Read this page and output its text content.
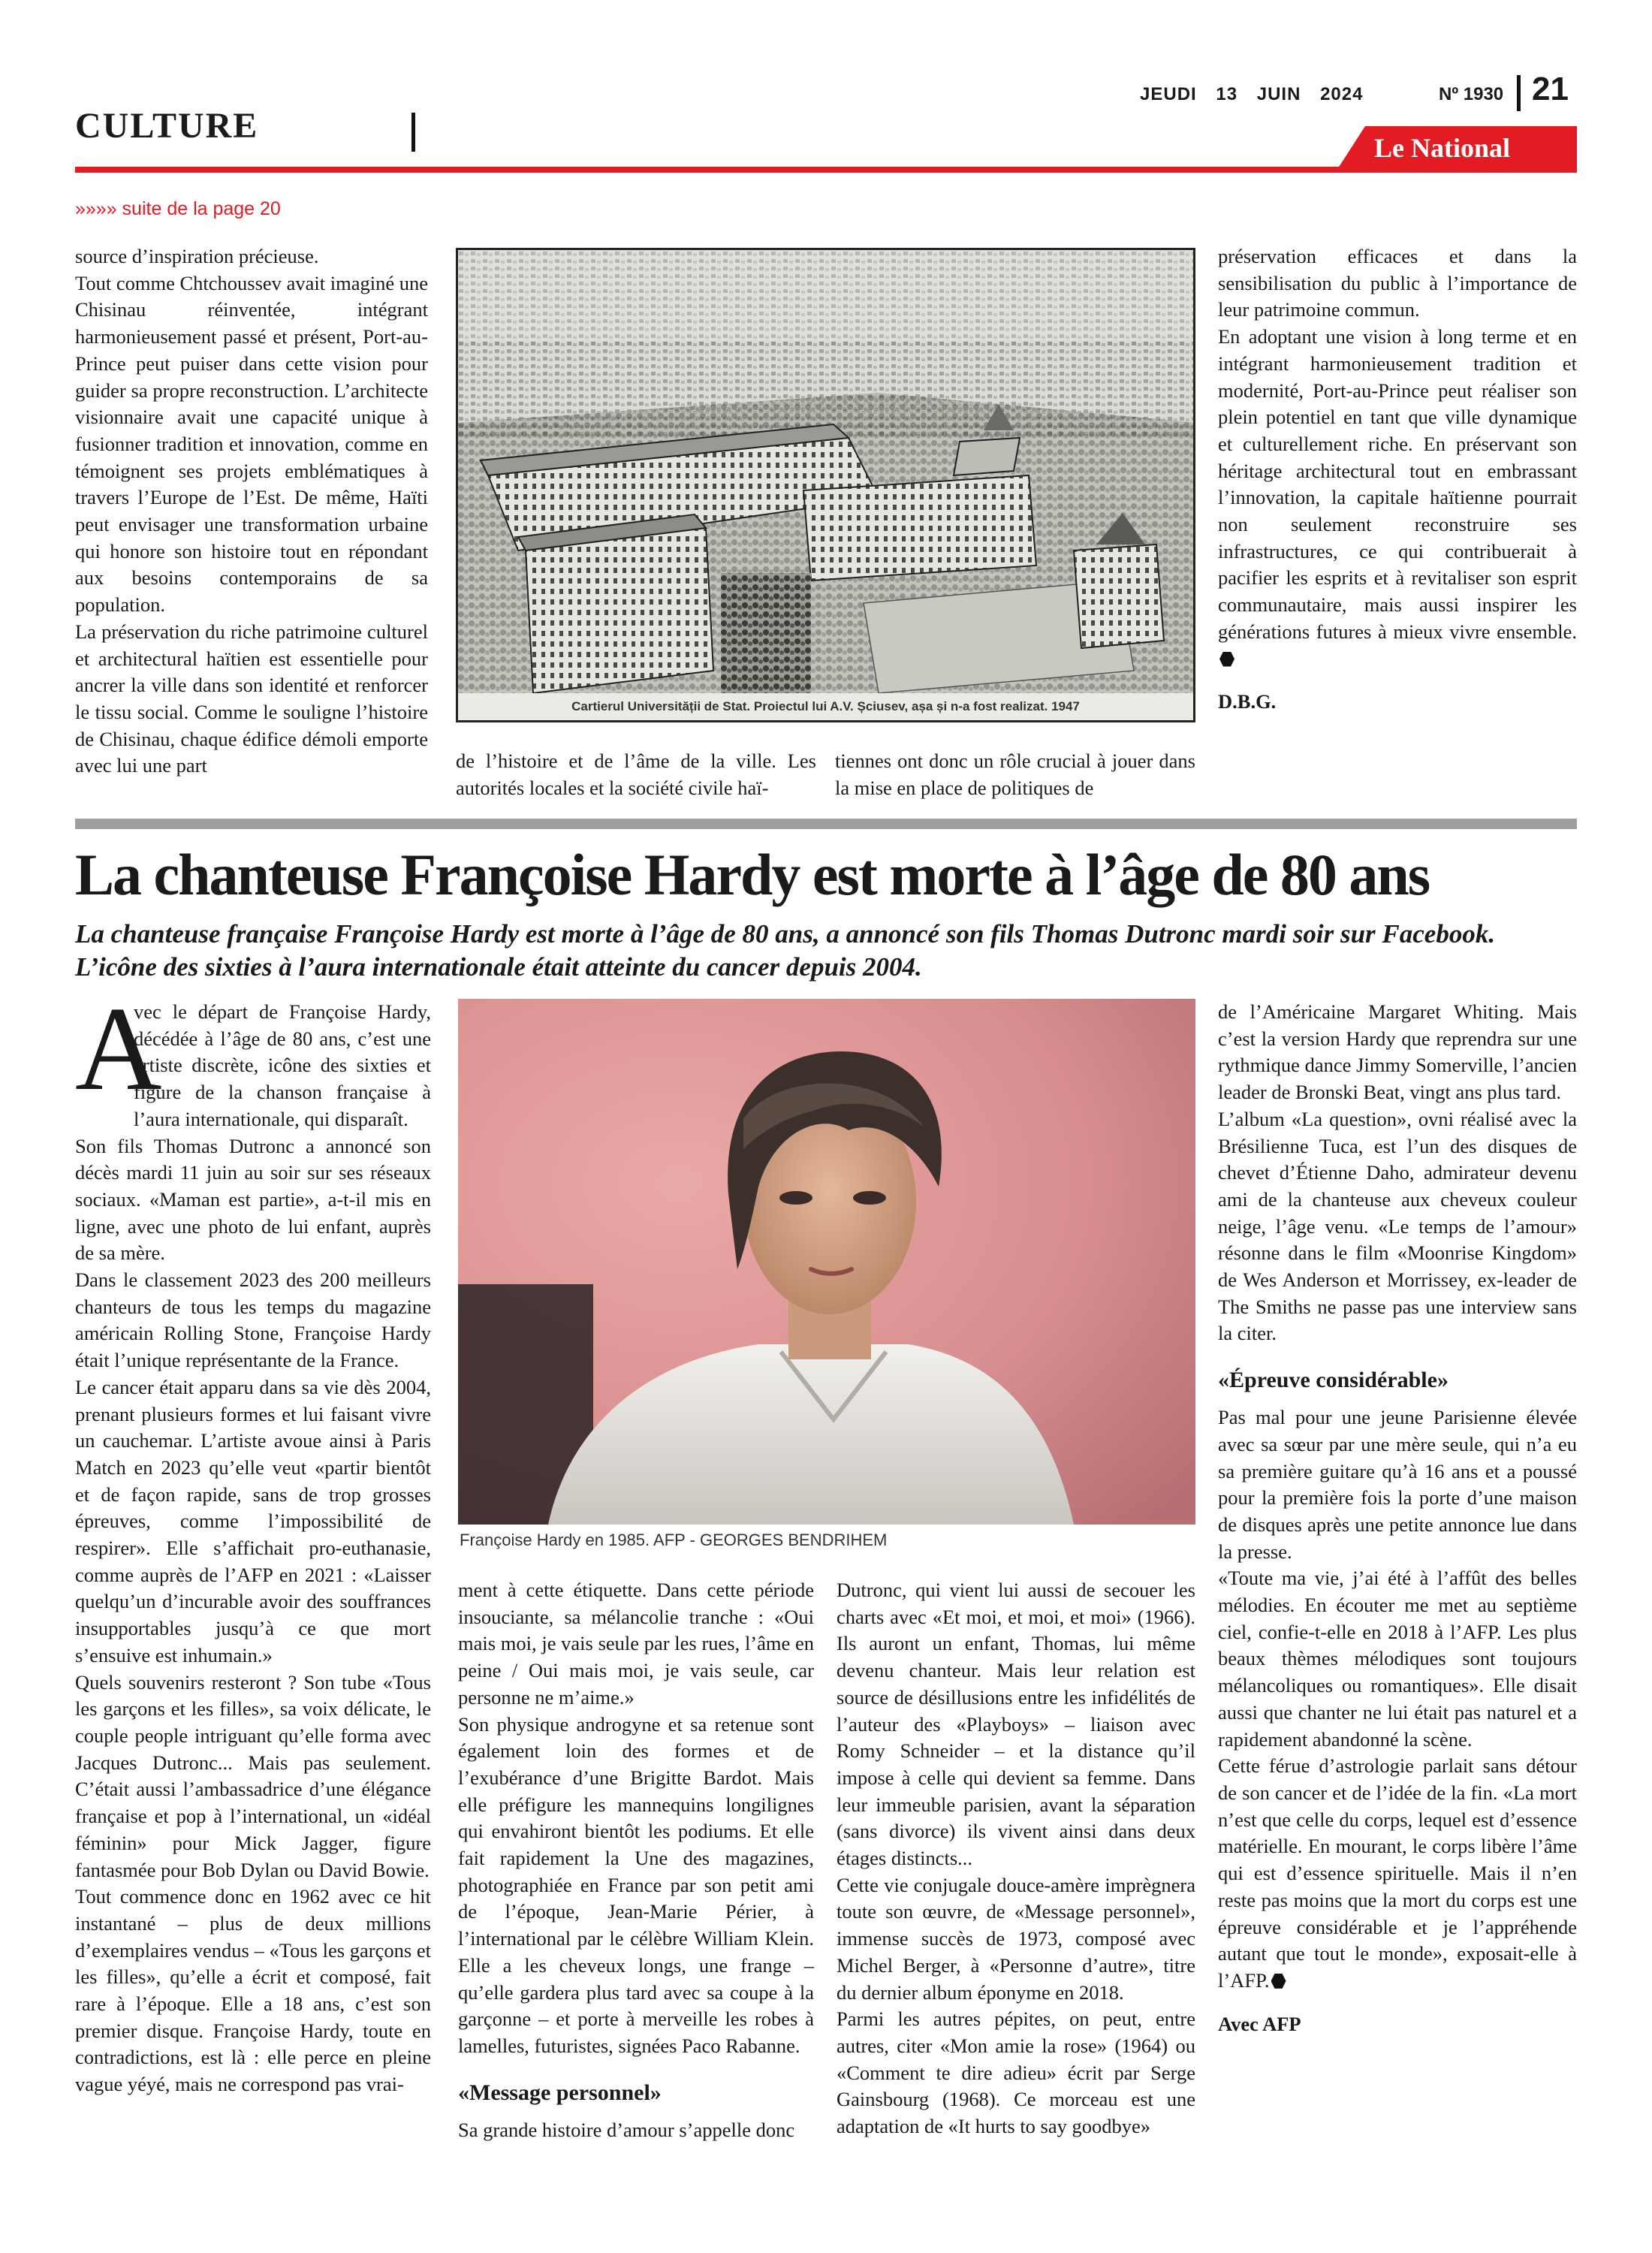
CULTURE
JEUDI 13 JUIN 2024	Nº 1930 21
Le National
»»»» suite de la page 20

source d’inspiration précieuse.

Tout comme Chtchoussev avait imaginé une Chisinau réinventée, intégrant harmonieusement passé et présent, Port-au-Prince peut puiser dans cette vision pour guider sa propre reconstruction. L’architecte visionnaire avait une capacité unique à fusionner tradition et innovation, comme en témoignent ses projets emblématiques à travers l’Europe de l’Est. De même, Haïti peut envisager une transformation urbaine qui honore son histoire tout en répondant aux besoins contemporains de sa population.

La préservation du riche patrimoine culturel et architectural haïtien est essentielle pour ancrer la ville dans son identité et renforcer le tissu social. Comme le souligne l’histoire de Chisinau, chaque édifice démoli emporte avec lui une part

Cartierul Universității de Stat. Proiectul lui A.V. Șciusev, așa și n-a fost realizat. 1947

de l’histoire et de l’âme de la ville. Les autorités locales et la société civile haï-

tiennes ont donc un rôle crucial à jouer dans la mise en place de politiques de

préservation efficaces et dans la sensibilisation du public à l’importance de leur patrimoine commun.

En adoptant une vision à long terme et en intégrant harmonieusement tradition et modernité, Port-au-Prince peut réaliser son plein potentiel en tant que ville dynamique et culturellement riche. En préservant son héritage architectural tout en embrassant l’innovation, la capitale haïtienne pourrait non seulement reconstruire ses infrastructures, ce qui contribuerait à pacifier les esprits et à revitaliser son esprit communautaire, mais aussi inspirer les générations futures à mieux vivre ensemble.

D.B.G.

La chanteuse Françoise Hardy est morte à l’âge de 80 ans
La chanteuse française Françoise Hardy est morte à l’âge de 80 ans, a annoncé son fils Thomas Dutronc mardi soir sur Facebook. L’icône des sixties à l’aura internationale était atteinte du cancer depuis 2004.
A

vec le départ de Françoise Hardy, décédée à l’âge de 80 ans, c’est une artiste discrète, icône des sixties et figure de la chanson française à l’aura internationale, qui disparaît.

Son fils Thomas Dutronc a annoncé son décès mardi 11 juin au soir sur ses réseaux sociaux. «Maman est partie», a-t-il mis en ligne, avec une photo de lui enfant, auprès de sa mère.

Dans le classement 2023 des 200 meilleurs chanteurs de tous les temps du magazine américain Rolling Stone, Françoise Hardy était l’unique représentante de la France.

Le cancer était apparu dans sa vie dès 2004, prenant plusieurs formes et lui faisant vivre un cauchemar. L’artiste avoue ainsi à Paris Match en 2023 qu’elle veut «partir bientôt et de façon rapide, sans de trop grosses épreuves, comme l’impossibilité de respirer». Elle s’affichait pro-euthanasie, comme auprès de l’AFP en 2021 : «Laisser quelqu’un d’incurable avoir des souffrances insupportables jusqu’à ce que mort s’ensuive est inhumain.»

Quels souvenirs resteront ? Son tube «Tous les garçons et les filles», sa voix délicate, le couple people intriguant qu’elle forma avec Jacques Dutronc... Mais pas seulement. C’était aussi l’ambassadrice d’une élégance française et pop à l’international, un «idéal féminin» pour Mick Jagger, figure fantasmée pour Bob Dylan ou David Bowie.

Tout commence donc en 1962 avec ce hit instantané – plus de deux millions d’exemplaires vendus – «Tous les garçons et les filles», qu’elle a écrit et composé, fait rare à l’époque. Elle a 18 ans, c’est son premier disque. Françoise Hardy, toute en contradictions, est là : elle perce en pleine vague yéyé, mais ne correspond pas vrai-

Françoise Hardy en 1985. AFP - GEORGES BENDRIHEM

ment à cette étiquette. Dans cette période insouciante, sa mélancolie tranche : «Oui mais moi, je vais seule par les rues, l’âme en peine / Oui mais moi, je vais seule, car personne ne m’aime.»

Son physique androgyne et sa retenue sont également loin des formes et de l’exubérance d’une Brigitte Bardot. Mais elle préfigure les mannequins longilignes qui envahiront bientôt les podiums. Et elle fait rapidement la Une des magazines, photographiée en France par son petit ami de l’époque, Jean-Marie Périer, à l’international par le célèbre William Klein. Elle a les cheveux longs, une frange – qu’elle gardera plus tard avec sa coupe à la garçonne – et porte à merveille les robes à lamelles, futuristes, signées Paco Rabanne.

«Message personnel»

Sa grande histoire d’amour s’appelle donc

Dutronc, qui vient lui aussi de secouer les charts avec «Et moi, et moi, et moi» (1966). Ils auront un enfant, Thomas, lui même devenu chanteur. Mais leur relation est source de désillusions entre les infidélités de l’auteur des «Playboys» – liaison avec Romy Schneider – et la distance qu’il impose à celle qui devient sa femme. Dans leur immeuble parisien, avant la séparation (sans divorce) ils vivent ainsi dans deux étages distincts...

Cette vie conjugale douce-amère imprègnera toute son œuvre, de «Message personnel», immense succès de 1973, composé avec Michel Berger, à «Personne d’autre», titre du dernier album éponyme en 2018.

Parmi les autres pépites, on peut, entre autres, citer «Mon amie la rose» (1964) ou «Comment te dire adieu» écrit par Serge Gainsbourg (1968). Ce morceau est une adaptation de «It hurts to say goodbye»

de l’Américaine Margaret Whiting. Mais c’est la version Hardy que reprendra sur une rythmique dance Jimmy Somerville, l’ancien leader de Bronski Beat, vingt ans plus tard.

L’album «La question», ovni réalisé avec la Brésilienne Tuca, est l’un des disques de chevet d’Étienne Daho, admirateur devenu ami de la chanteuse aux cheveux couleur neige, l’âge venu. «Le temps de l’amour» résonne dans le film «Moonrise Kingdom» de Wes Anderson et Morrissey, ex-leader de The Smiths ne passe pas une interview sans la citer.

«Épreuve considérable»

Pas mal pour une jeune Parisienne élevée avec sa sœur par une mère seule, qui n’a eu sa première guitare qu’à 16 ans et a poussé pour la première fois la porte d’une maison de disques après une petite annonce lue dans la presse.

«Toute ma vie, j’ai été à l’affût des belles mélodies. En écouter me met au septième ciel, confie-t-elle en 2018 à l’AFP. Les plus beaux thèmes mélodiques sont toujours mélancoliques ou romantiques». Elle disait aussi que chanter ne lui était pas naturel et a rapidement abandonné la scène.

Cette férue d’astrologie parlait sans détour de son cancer et de l’idée de la fin. «La mort n’est que celle du corps, lequel est d’essence matérielle. En mourant, le corps libère l’âme qui est d’essence spirituelle. Mais il n’en reste pas moins que la mort du corps est une épreuve considérable et je l’appréhende autant que tout le monde», exposait-elle à l’AFP.

Avec AFP
